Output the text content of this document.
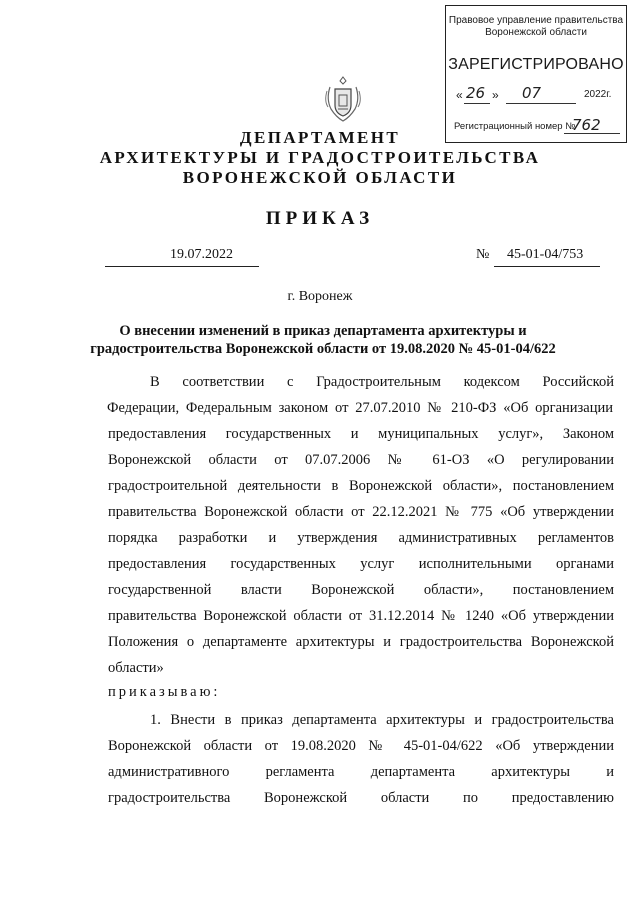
Правовое управление правительства
Воронежской области
ЗАРЕГИСТРИРОВАНО
« 26 » 07	2022г.
Регистрационный номер №
762
ДЕПАРТАМЕНТ
АРХИТЕКТУРЫ И ГРАДОСТРОИТЕЛЬСТВА
ВОРОНЕЖСКОЙ ОБЛАСТИ
ПРИКАЗ
19.07.2022	№ 45-01-04/753
г. Воронеж
О внесении изменений в приказ департамента архитектуры и
градостроительства Воронежской области от 19.08.2020 № 45-01-04/622
В соответствии с Градостроительным кодексом Российской
Федерации, Федеральным законом от 27.07.2010 № 210-ФЗ «Об организации
предоставления государственных и муниципальных услуг», Законом
Воронежской области от 07.07.2006 № 61-ОЗ «О регулировании
градостроительной деятельности в Воронежской области», постановлением
правительства Воронежской области от 22.12.2021 № 775 «Об утверждении
порядка разработки и утверждения административных регламентов
предоставления государственных услуг исполнительными органами
государственной власти Воронежской области», постановлением
правительства Воронежской области от 31.12.2014 № 1240 «Об утверждении
Положения о департаменте архитектуры и градостроительства Воронежской
области»
приказываю:
1. Внести в приказ департамента архитектуры и градостроительства
Воронежской области от 19.08.2020 № 45-01-04/622 «Об утверждении
административного регламента департамента архитектуры и
градостроительства Воронежской области по предоставлению
